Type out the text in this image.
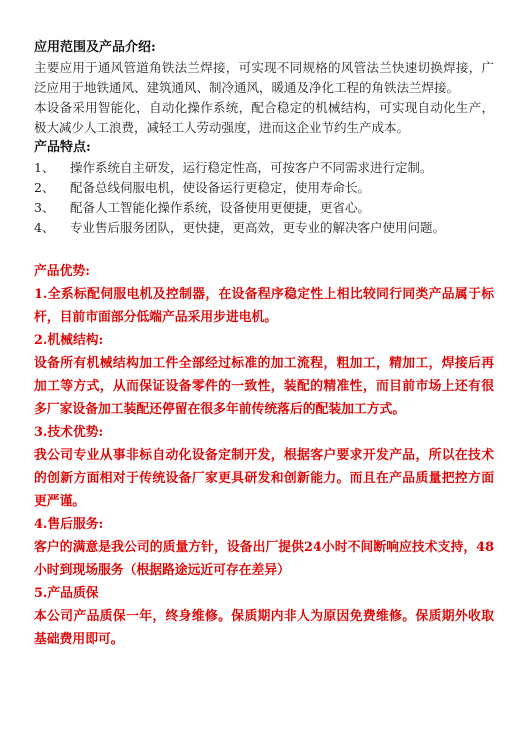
应用范围及产品介绍:
主要应用于通风管道角铁法兰焊接，可实现不同规格的风管法兰快速切换焊接，广泛应用于地铁通风、建筑通风、制冷通风，暖通及净化工程的角铁法兰焊接。
本设备采用智能化，自动化操作系统，配合稳定的机械结构，可实现自动化生产，极大减少人工浪费，减轻工人劳动强度，进而这企业节约生产成本。
产品特点:
1、	操作系统自主研发，运行稳定性高，可按客户不同需求进行定制。
2、	配备总线伺服电机，使设备运行更稳定，使用寿命长。
3、	配备人工智能化操作系统，设备使用更便捷，更省心。
4、	专业售后服务团队，更快捷，更高效，更专业的解决客户使用问题。
产品优势:
1.全系标配伺服电机及控制器，在设备程序稳定性上相比较同行同类产品属于标杆，目前市面部分低端产品采用步进电机。
2.机械结构:
设备所有机械结构加工件全部经过标准的加工流程，粗加工，精加工，焊接后再加工等方式，从而保证设备零件的一致性，装配的精准性，而目前市场上还有很多厂家设备加工装配还停留在很多年前传统落后的配装加工方式。
3.技术优势:
我公司专业从事非标自动化设备定制开发，根据客户要求开发产品，所以在技术的创新方面相对于传统设备厂家更具研发和创新能力。而且在产品质量把控方面更严谨。
4.售后服务:
客户的满意是我公司的质量方针，设备出厂提供24小时不间断响应技术支持，48小时到现场服务（根据路途远近可存在差异）
5.产品质保
本公司产品质保一年，终身维修。保质期内非人为原因免费维修。保质期外收取基础费用即可。
